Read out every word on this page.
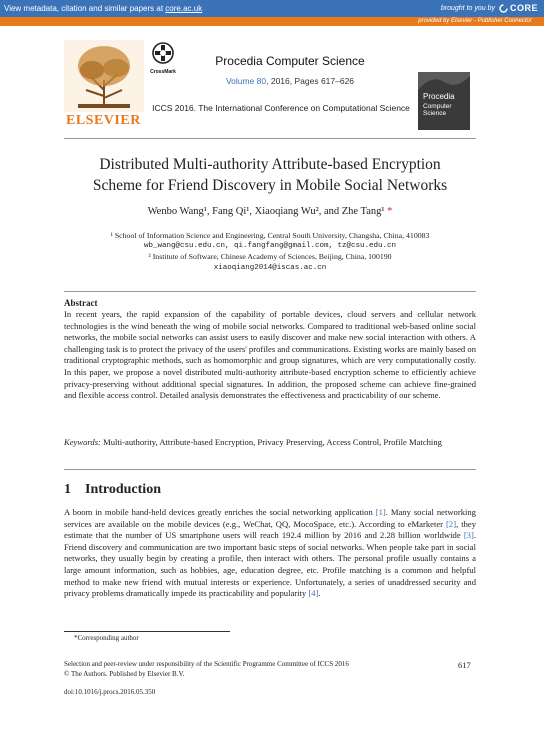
View metadata, citation and similar papers at core.ac.uk	brought to you by CORE
provided by Elsevier - Publisher Connector
ELSEVIER
CrossMark
Procedia Computer Science
Volume 80, 2016, Pages 617–626
ICCS 2016. The International Conference on Computational Science
Procedia
Computer
Science
Distributed Multi-authority Attribute-based Encryption
Scheme for Friend Discovery in Mobile Social Networks
Wenbo Wang¹, Fang Qi¹, Xiaoqiang Wu², and Zhe Tang¹ *
¹ School of Information Science and Engineering, Central South University, Changsha, China, 410083
wb_wang@csu.edu.cn, qi.fangfang@gmail.com, tz@csu.edu.cn
² Institute of Software, Chinese Academy of Sciences, Beijing, China, 100190
xiaoqiang2014@iscas.ac.cn
Abstract
In recent years, the rapid expansion of the capability of portable devices, cloud servers and cellular network technologies is the wind beneath the wing of mobile social networks. Compared to traditional web-based online social networks, the mobile social networks can assist users to easily discover and make new social interaction with others. A challenging task is to protect the privacy of the users' profiles and communications. Existing works are mainly based on traditional cryptographic methods, such as homomorphic and group signatures, which are very computationally costly. In this paper, we propose a novel distributed multi-authority attribute-based encryption scheme to efficiently achieve privacy-preserving without additional special signatures. In addition, the proposed scheme can achieve fine-grained and flexible access control. Detailed analysis demonstrates the effectiveness and practicability of our scheme.
Keywords: Multi-authority, Attribute-based Encryption, Privacy Preserving, Access Control, Profile Matching
1 Introduction
A boom in mobile hand-held devices greatly enriches the social networking application [1]. Many social networking services are available on the mobile devices (e.g., WeChat, QQ, MocoSpace, etc.). According to eMarketer [2], they estimate that the number of US smartphone users will reach 192.4 million by 2016 and 2.28 billion worldwide [3]. Friend discovery and communication are two important basic steps of social networks. When people take part in social networks, they usually begin by creating a profile, then interact with others. The personal profile usually contains a large amount information, such as hobbies, age, education degree, etc. Profile matching is a common and helpful method to make new friend with mutual interests or experience. Unfortunately, a series of unaddressed security and privacy problems dramatically impede its practicability and popularity [4].
*Corresponding author
Selection and peer-review under responsibility of the Scientific Programme Committee of ICCS 2016
© The Authors. Published by Elsevier B.V.
617
doi:10.1016/j.procs.2016.05.350
